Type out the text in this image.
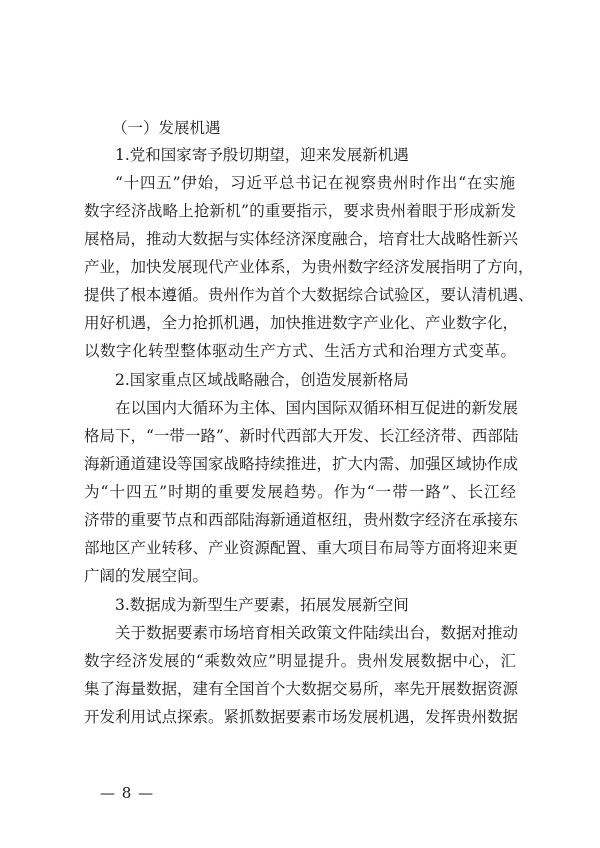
（一）发展机遇
1.党和国家寄予殷切期望，迎来发展新机遇
“十四五”伊始，习近平总书记在视察贵州时作出“在实施
数字经济战略上抢新机”的重要指示，要求贵州着眼于形成新发
展格局，推动大数据与实体经济深度融合，培育壮大战略性新兴
产业，加快发展现代产业体系，为贵州数字经济发展指明了方向，
提供了根本遵循。贵州作为首个大数据综合试验区，要认清机遇、
用好机遇，全力抢抓机遇，加快推进数字产业化、产业数字化，
以数字化转型整体驱动生产方式、生活方式和治理方式变革。
2.国家重点区域战略融合，创造发展新格局
在以国内大循环为主体、国内国际双循环相互促进的新发展
格局下，“一带一路”、新时代西部大开发、长江经济带、西部陆
海新通道建设等国家战略持续推进，扩大内需、加强区域协作成
为“十四五”时期的重要发展趋势。作为“一带一路”、长江经
济带的重要节点和西部陆海新通道枢纽，贵州数字经济在承接东
部地区产业转移、产业资源配置、重大项目布局等方面将迎来更
广阔的发展空间。
3.数据成为新型生产要素，拓展发展新空间
关于数据要素市场培育相关政策文件陆续出台，数据对推动
数字经济发展的“乘数效应”明显提升。贵州发展数据中心，汇
集了海量数据，建有全国首个大数据交易所，率先开展数据资源
开发利用试点探索。紧抓数据要素市场发展机遇，发挥贵州数据
— 8 —
